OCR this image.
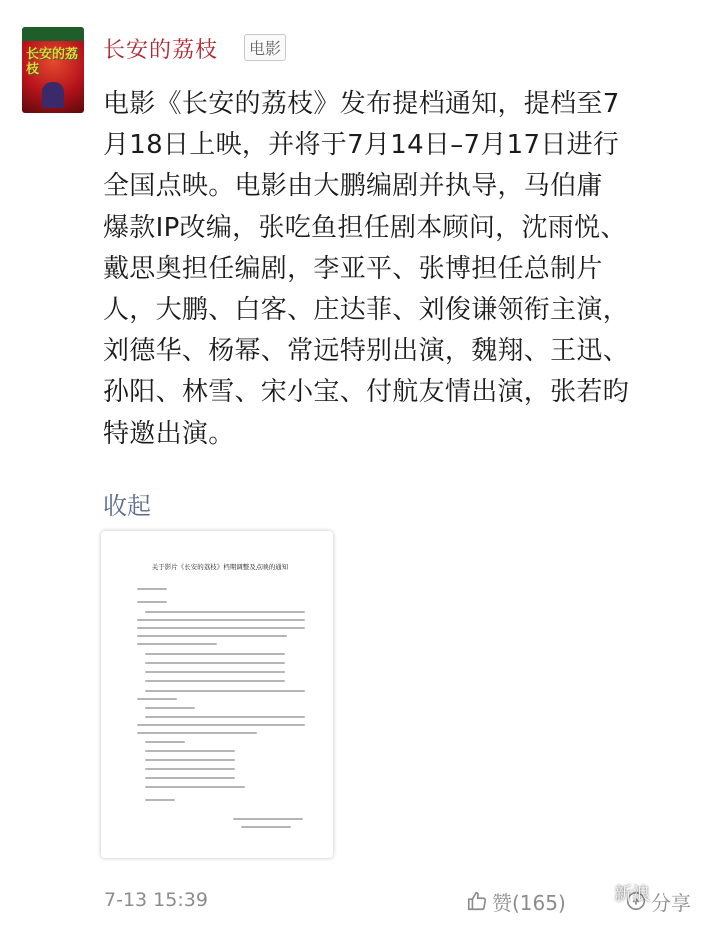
长安的荔枝
长安的荔枝	电影
电影《长安的荔枝》发布提档通知，提档至7
月18日上映，并将于7月14日–7月17日进行
全国点映。电影由大鹏编剧并执导，马伯庸
爆款IP改编，张吃鱼担任剧本顾问，沈雨悦、
戴思奥担任编剧，李亚平、张博担任总制片
人，大鹏、白客、庄达菲、刘俊谦领衔主演，
刘德华、杨幂、常远特别出演，魏翔、王迅、
孙阳、林雪、宋小宝、付航友情出演，张若昀
特邀出演。
收起
关于影片《长安的荔枝》档期调整及点映的通知
7-13 15:39	赞(165)	分享
新浪
